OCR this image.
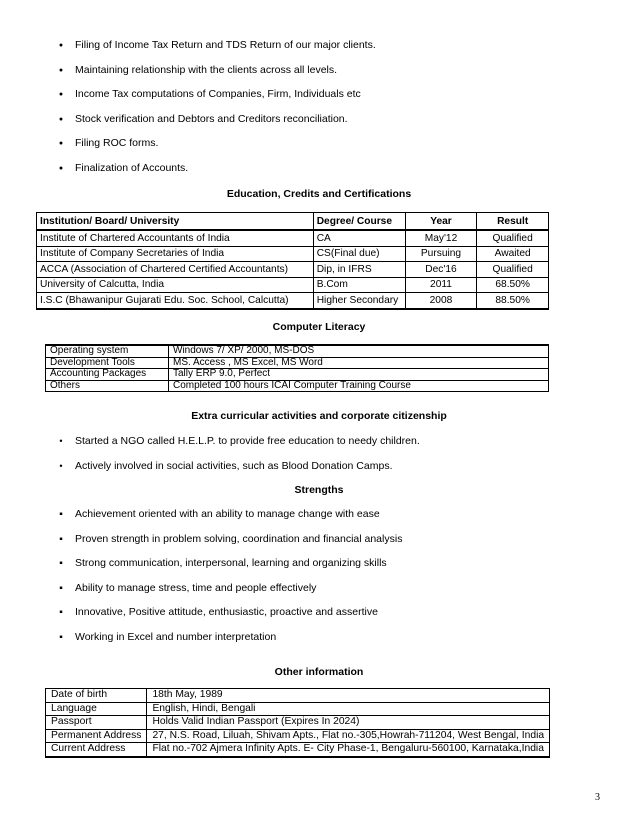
●
Filing of Income Tax Return and TDS Return of our major clients.
●
Maintaining relationship with the clients across all levels.
●
Income Tax computations of Companies, Firm, Individuals etc
●
Stock verification and Debtors and Creditors reconciliation.
●
Filing ROC forms.
●
Finalization of Accounts.
Education, Credits and Certifications
Institution/ Board/ University	Degree/ Course	Year	Result
Institute of Chartered Accountants of India	CA	May'12	Qualified
Institute of Company Secretaries of India	CS(Final due)	Pursuing	Awaited
ACCA (Association of Chartered Certified Accountants)	Dip, in IFRS	Dec'16	Qualified
University of Calcutta, India	B.Com	2011	68.50%
I.S.C (Bhawanipur Gujarati Edu. Soc. School, Calcutta)	Higher Secondary	2008	88.50%
Computer Literacy
Operating system	Windows 7/ XP/ 2000, MS-DOS
Development Tools	MS. Access , MS Excel, MS Word
Accounting Packages	Tally ERP 9.0, Perfect
Others	Completed 100 hours ICAI Computer Training Course
Extra curricular activities and corporate citizenship
•
Started a NGO called H.E.L.P. to provide free education to needy children.
•
Actively involved in social activities, such as Blood Donation Camps.
Strengths
▪
Achievement oriented with an ability to manage change with ease
▪
Proven strength in problem solving, coordination and financial analysis
▪
Strong communication, interpersonal, learning and organizing skills
▪
Ability to manage stress, time and people effectively
▪
Innovative, Positive attitude, enthusiastic, proactive and assertive
▪
Working in Excel and number interpretation
Other information
Date of birth	18th May, 1989
Language	English, Hindi, Bengali
Passport	Holds Valid Indian Passport (Expires In 2024)
Permanent Address	27, N.S. Road, Liluah, Shivam Apts., Flat no.-305,Howrah-711204, West Bengal, India
Current Address	Flat no.-702 Ajmera Infinity Apts. E- City Phase-1, Bengaluru-560100, Karnataka,India
3
